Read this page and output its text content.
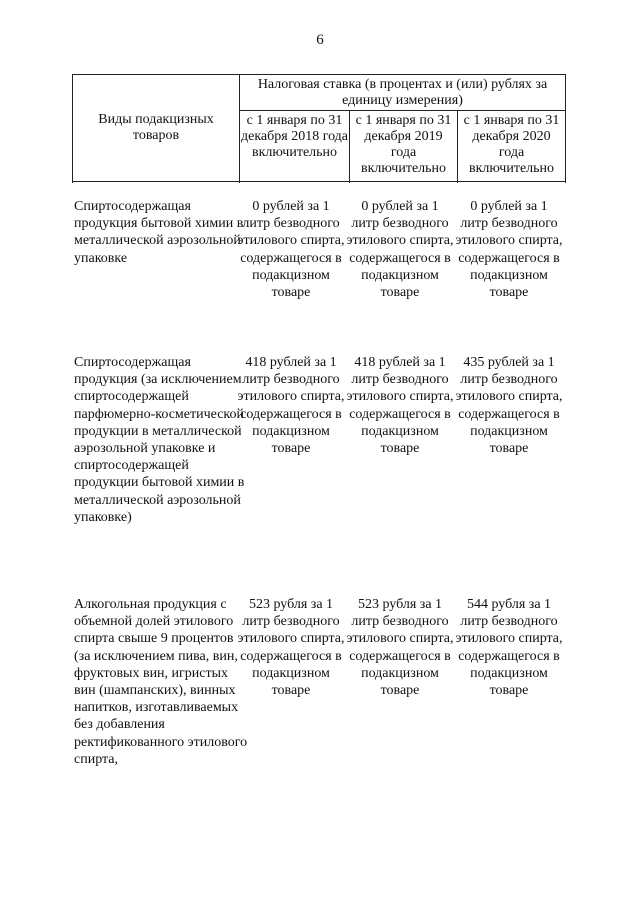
6
Виды подакцизных товаров
Налоговая ставка (в процентах и (или) рублях за единицу измерения)
с 1 января по 31 декабря 2018 года включительно
с 1 января по 31 декабря 2019 года включительно
с 1 января по 31 декабря 2020 года включительно
Спиртосодержащая продукция бытовой химии в металлической аэрозольной упаковке
0 рублей за 1 литр безводного этилового спирта, содержащегося в подакцизном товаре
0 рублей за 1 литр безводного этилового спирта, содержащегося в подакцизном товаре
0 рублей за 1 литр безводного этилового спирта, содержащегося в подакцизном товаре
Спиртосодержащая продукция (за исключением спиртосодержащей парфюмерно-косметической продукции в металлической аэрозольной упаковке и спиртосодержащей продукции бытовой химии в металлической аэрозольной упаковке)
418 рублей за 1 литр безводного этилового спирта, содержащегося в подакцизном товаре
418 рублей за 1 литр безводного этилового спирта, содержащегося в подакцизном товаре
435 рублей за 1 литр безводного этилового спирта, содержащегося в подакцизном товаре
Алкогольная продукция с объемной долей этилового спирта свыше 9 процентов (за исключением пива, вин, фруктовых вин, игристых вин (шампанских), винных напитков, изготавливаемых без добавления ректификованного этилового спирта,
523 рубля за 1 литр безводного этилового спирта, содержащегося в подакцизном товаре
523 рубля за 1 литр безводного этилового спирта, содержащегося в подакцизном товаре
544 рубля за 1 литр безводного этилового спирта, содержащегося в подакцизном товаре
